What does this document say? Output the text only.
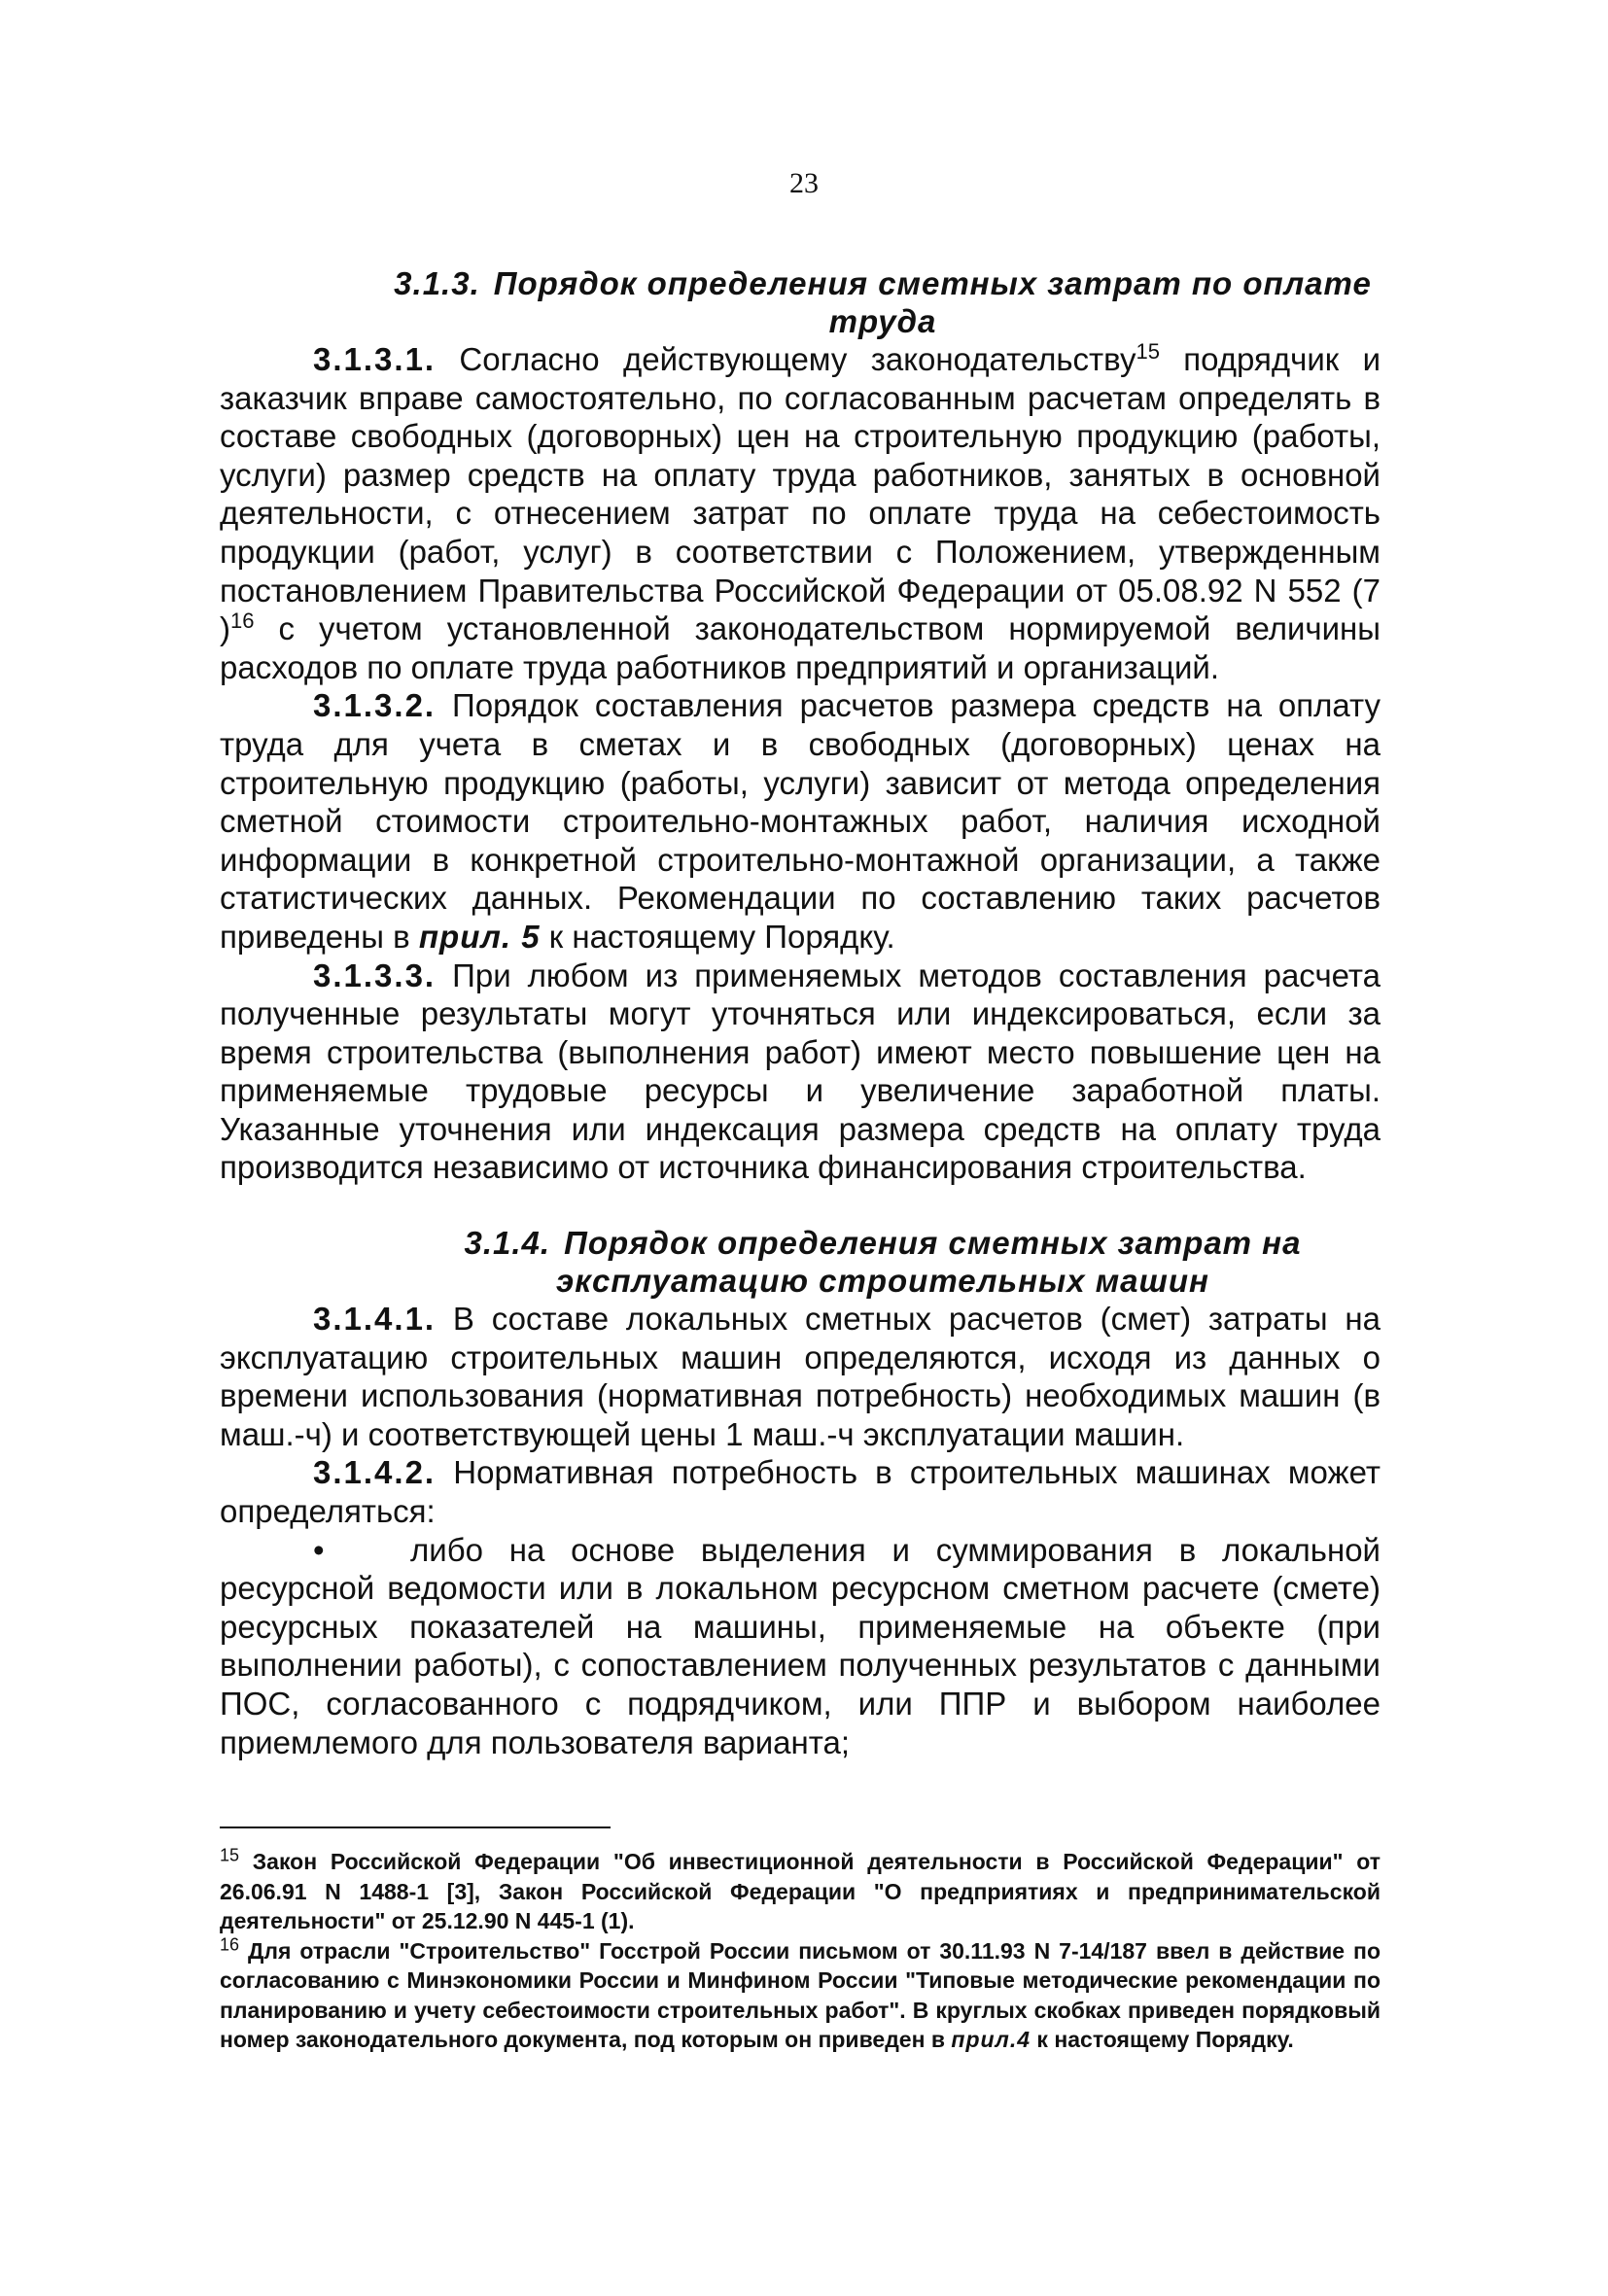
23
3.1.3. Порядок определения сметных затрат по оплате труда

3.1.3.1. Согласно действующему законодательству$^{15}$ подрядчик и заказчик вправе самостоятельно, по согласованным расчетам определять в составе свободных (договорных) цен на строительную продукцию (работы, услуги) размер средств на оплату труда работников, занятых в основной деятельности, с отнесением затрат по оплате труда на себестоимость продукции (работ, услуг) в соответствии с Положением, утвержденным постановлением Правительства Российской Федерации от 05.08.92 N 552 (7 )$^{16}$ с учетом установленной законодательством нормируемой величины расходов по оплате труда работников предприятий и организаций.

3.1.3.2. Порядок составления расчетов размера средств на оплату труда для учета в сметах и в свободных (договорных) ценах на строительную продукцию (работы, услуги) зависит от метода определения сметной стоимости строительно-монтажных работ, наличия исходной информации в конкретной строительно-монтажной организации, а также статистических данных. Рекомендации по составлению таких расчетов приведены в прил. 5 к настоящему Порядку.

3.1.3.3. При любом из применяемых методов составления расчета полученные результаты могут уточняться или индексироваться, если за время строительства (выполнения работ) имеют место повышение цен на применяемые трудовые ресурсы и увеличение заработной платы. Указанные уточнения или индексация размера средств на оплату труда производится независимо от источника финансирования строительства.

3.1.4. Порядок определения сметных затрат на эксплуатацию строительных машин

3.1.4.1. В составе локальных сметных расчетов (смет) затраты на эксплуатацию строительных машин определяются, исходя из данных о времени использования (нормативная потребность) необходимых машин (в маш.-ч) и соответствующей цены 1 маш.-ч эксплуатации машин.

3.1.4.2. Нормативная потребность в строительных машинах может определяться:

•	либо на основе выделения и суммирования в локальной ресурсной ведомости или в локальном ресурсном сметном расчете (смете) ресурсных показателей на машины, применяемые на объекте (при выполнении работы), с сопоставлением полученных результатов с данными ПОС, согласованного с подрядчиком, или ППР и выбором наиболее приемлемого для пользователя варианта;

$^{15}$ Закон Российской Федерации "Об инвестиционной деятельности в Российской Федерации" от 26.06.91 N 1488-1 [3], Закон Российской Федерации "О предприятиях и предпринимательской деятельности" от 25.12.90 N 445-1 (1).

$^{16}$ Для отрасли "Строительство" Госстрой России письмом от 30.11.93 N 7-14/187 ввел в действие по согласованию с Минэкономики России и Минфином России "Типовые методические рекомендации по планированию и учету себестоимости строительных работ". В круглых скобках приведен порядковый номер законодательного документа, под которым он приведен в прил.4 к настоящему Порядку.
